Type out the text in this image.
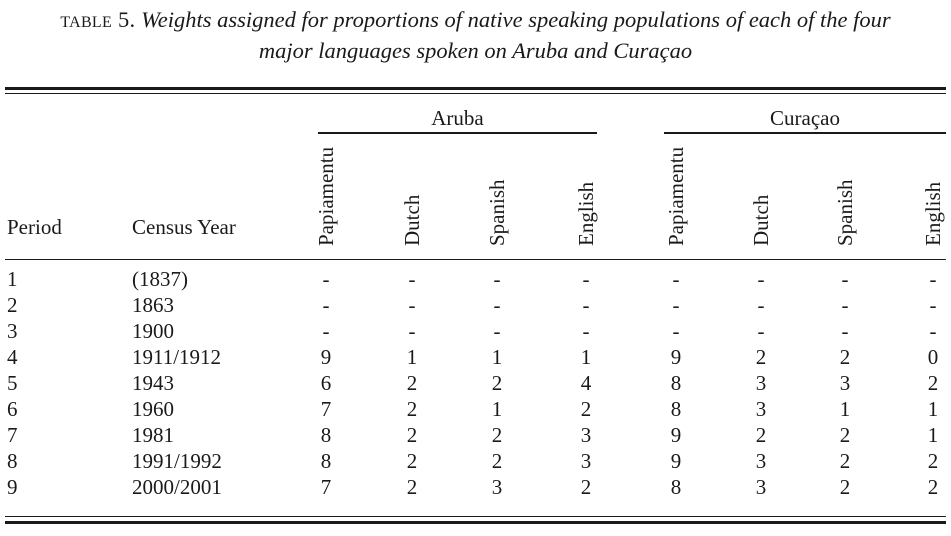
table 5. Weights assigned for proportions of native speaking populations of each of the four
major languages spoken on Aruba and Curaçao
Aruba	Curaçao
Period	Census Year	Papiamentu	Dutch	Spanish	English	Papiamentu	Dutch	Spanish	English
1	(1837)	-	-	-	-	-	-	-	-
2	1863	-	-	-	-	-	-	-	-
3	1900	-	-	-	-	-	-	-	-
4	1911/1912	9	1	1	1	9	2	2	0
5	1943	6	2	2	4	8	3	3	2
6	1960	7	2	1	2	8	3	1	1
7	1981	8	2	2	3	9	2	2	1
8	1991/1992	8	2	2	3	9	3	2	2
9	2000/2001	7	2	3	2	8	3	2	2
